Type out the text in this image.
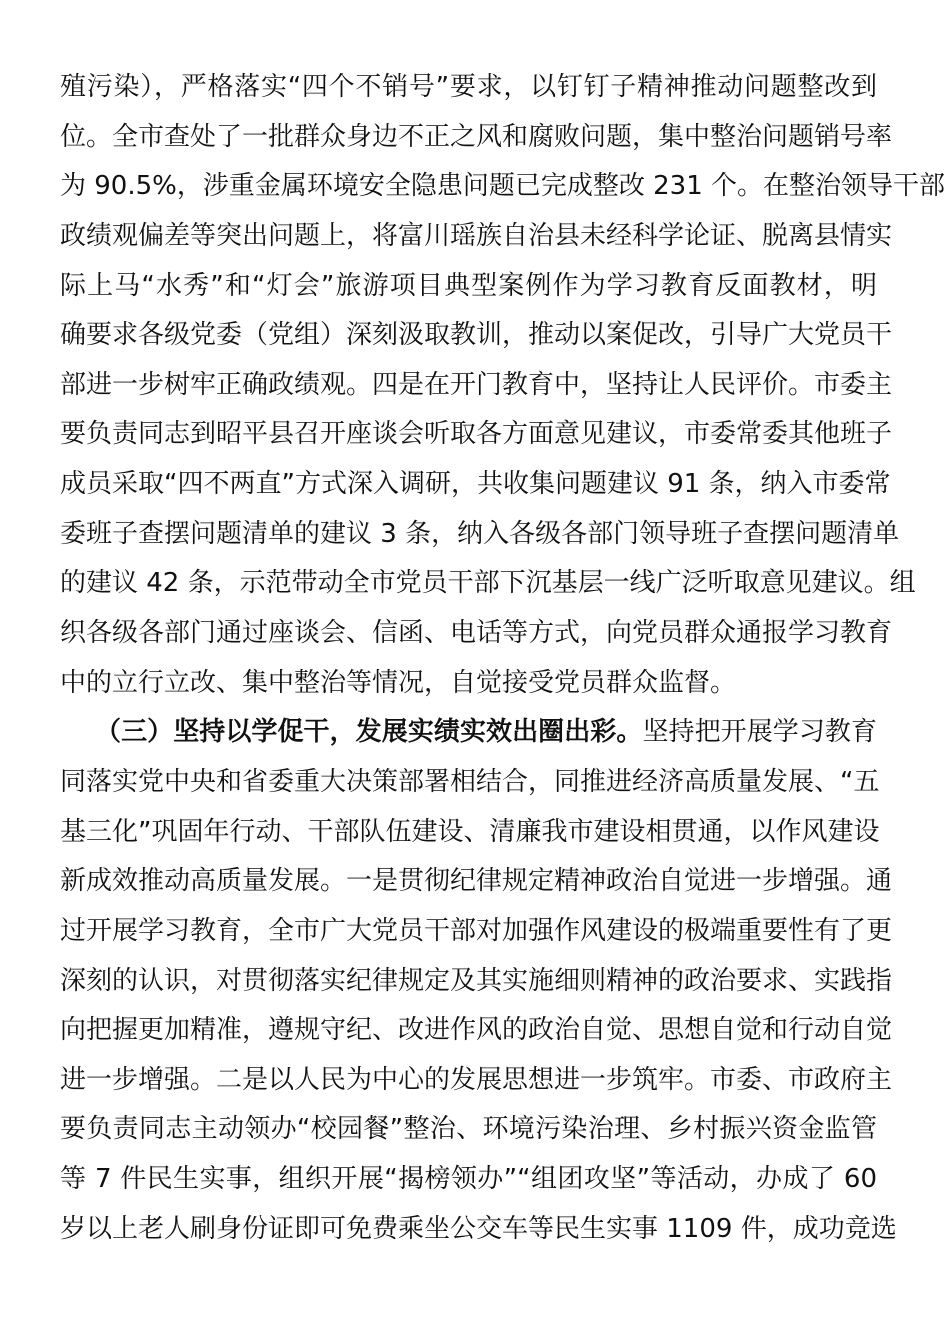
殖污染），严格落实“四个不销号”要求，以钉钉子精神推动问题整改到
位。全市查处了一批群众身边不正之风和腐败问题，集中整治问题销号率
为 90.5%，涉重金属环境安全隐患问题已完成整改 231 个。在整治领导干部
政绩观偏差等突出问题上，将富川瑶族自治县未经科学论证、脱离县情实
际上马“水秀”和“灯会”旅游项目典型案例作为学习教育反面教材，明
确要求各级党委（党组）深刻汲取教训，推动以案促改，引导广大党员干
部进一步树牢正确政绩观。四是在开门教育中，坚持让人民评价。市委主
要负责同志到昭平县召开座谈会听取各方面意见建议，市委常委其他班子
成员采取“四不两直”方式深入调研，共收集问题建议 91 条，纳入市委常
委班子查摆问题清单的建议 3 条，纳入各级各部门领导班子查摆问题清单
的建议 42 条，示范带动全市党员干部下沉基层一线广泛听取意见建议。组
织各级各部门通过座谈会、信函、电话等方式，向党员群众通报学习教育
中的立行立改、集中整治等情况，自觉接受党员群众监督。
（三）坚持以学促干，发展实绩实效出圈出彩。坚持把开展学习教育
同落实党中央和省委重大决策部署相结合，同推进经济高质量发展、“五
基三化”巩固年行动、干部队伍建设、清廉我市建设相贯通，以作风建设
新成效推动高质量发展。一是贯彻纪律规定精神政治自觉进一步增强。通
过开展学习教育，全市广大党员干部对加强作风建设的极端重要性有了更
深刻的认识，对贯彻落实纪律规定及其实施细则精神的政治要求、实践指
向把握更加精准，遵规守纪、改进作风的政治自觉、思想自觉和行动自觉
进一步增强。二是以人民为中心的发展思想进一步筑牢。市委、市政府主
要负责同志主动领办“校园餐”整治、环境污染治理、乡村振兴资金监管
等 7 件民生实事，组织开展“揭榜领办”“组团攻坚”等活动，办成了 60
岁以上老人刷身份证即可免费乘坐公交车等民生实事 1109 件，成功竞选
